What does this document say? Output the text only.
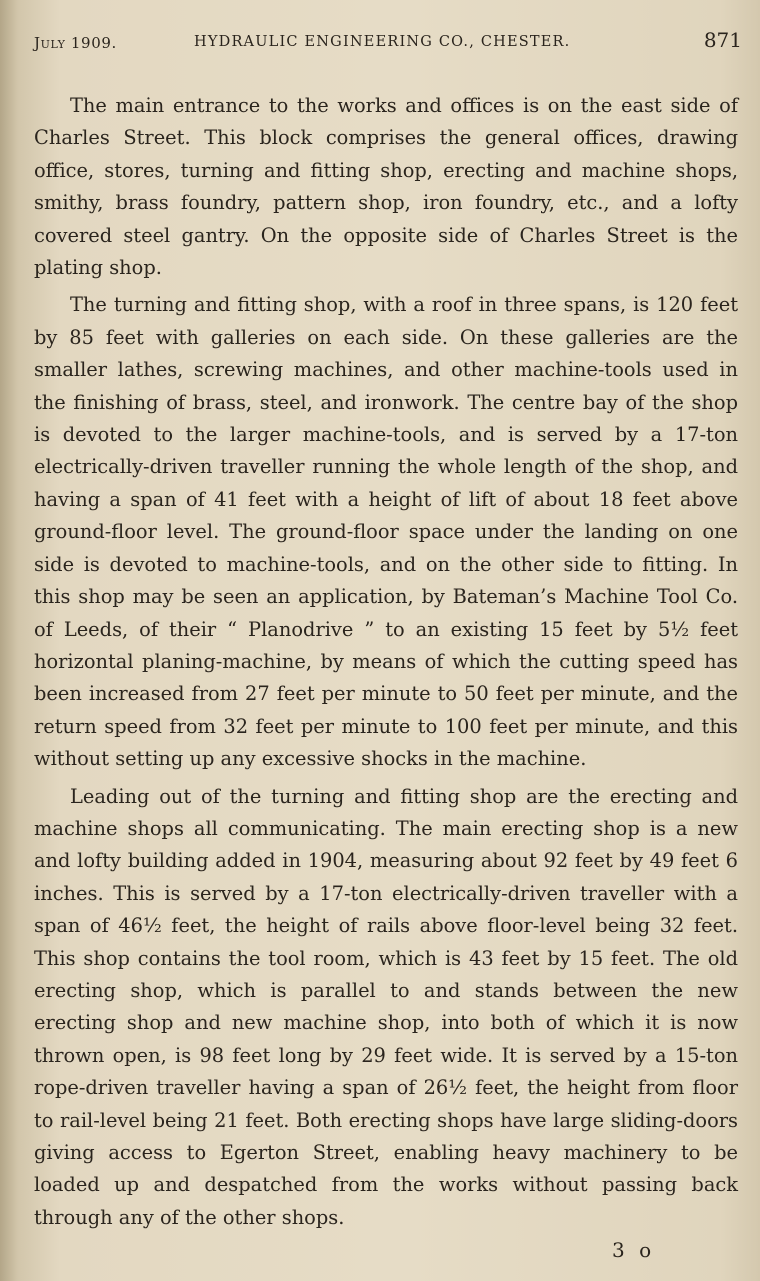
July 1909.	HYDRAULIC ENGINEERING CO., CHESTER.	871

The main entrance to the works and offices is on the east side of Charles Street. This block comprises the general offices, drawing office, stores, turning and fitting shop, erecting and machine shops, smithy, brass foundry, pattern shop, iron foundry, etc., and a lofty covered steel gantry. On the opposite side of Charles Street is the plating shop.

The turning and fitting shop, with a roof in three spans, is 120 feet by 85 feet with galleries on each side. On these galleries are the smaller lathes, screwing machines, and other machine-tools used in the finishing of brass, steel, and ironwork. The centre bay of the shop is devoted to the larger machine-tools, and is served by a 17-ton electrically-driven traveller running the whole length of the shop, and having a span of 41 feet with a height of lift of about 18 feet above ground-floor level. The ground-floor space under the landing on one side is devoted to machine-tools, and on the other side to fitting. In this shop may be seen an application, by Bateman’s Machine Tool Co. of Leeds, of their “ Planodrive ” to an existing 15 feet by 5½ feet horizontal planing-machine, by means of which the cutting speed has been increased from 27 feet per minute to 50 feet per minute, and the return speed from 32 feet per minute to 100 feet per minute, and this without setting up any excessive shocks in the machine.

Leading out of the turning and fitting shop are the erecting and machine shops all communicating. The main erecting shop is a new and lofty building added in 1904, measuring about 92 feet by 49 feet 6 inches. This is served by a 17-ton electrically-driven traveller with a span of 46½ feet, the height of rails above floor-level being 32 feet. This shop contains the tool room, which is 43 feet by 15 feet. The old erecting shop, which is parallel to and stands between the new erecting shop and new machine shop, into both of which it is now thrown open, is 98 feet long by 29 feet wide. It is served by a 15-ton rope-driven traveller having a span of 26½ feet, the height from floor to rail-level being 21 feet. Both erecting shops have large sliding-doors giving access to Egerton Street, enabling heavy machinery to be loaded up and despatched from the works without passing back through any of the other shops.

3 o
